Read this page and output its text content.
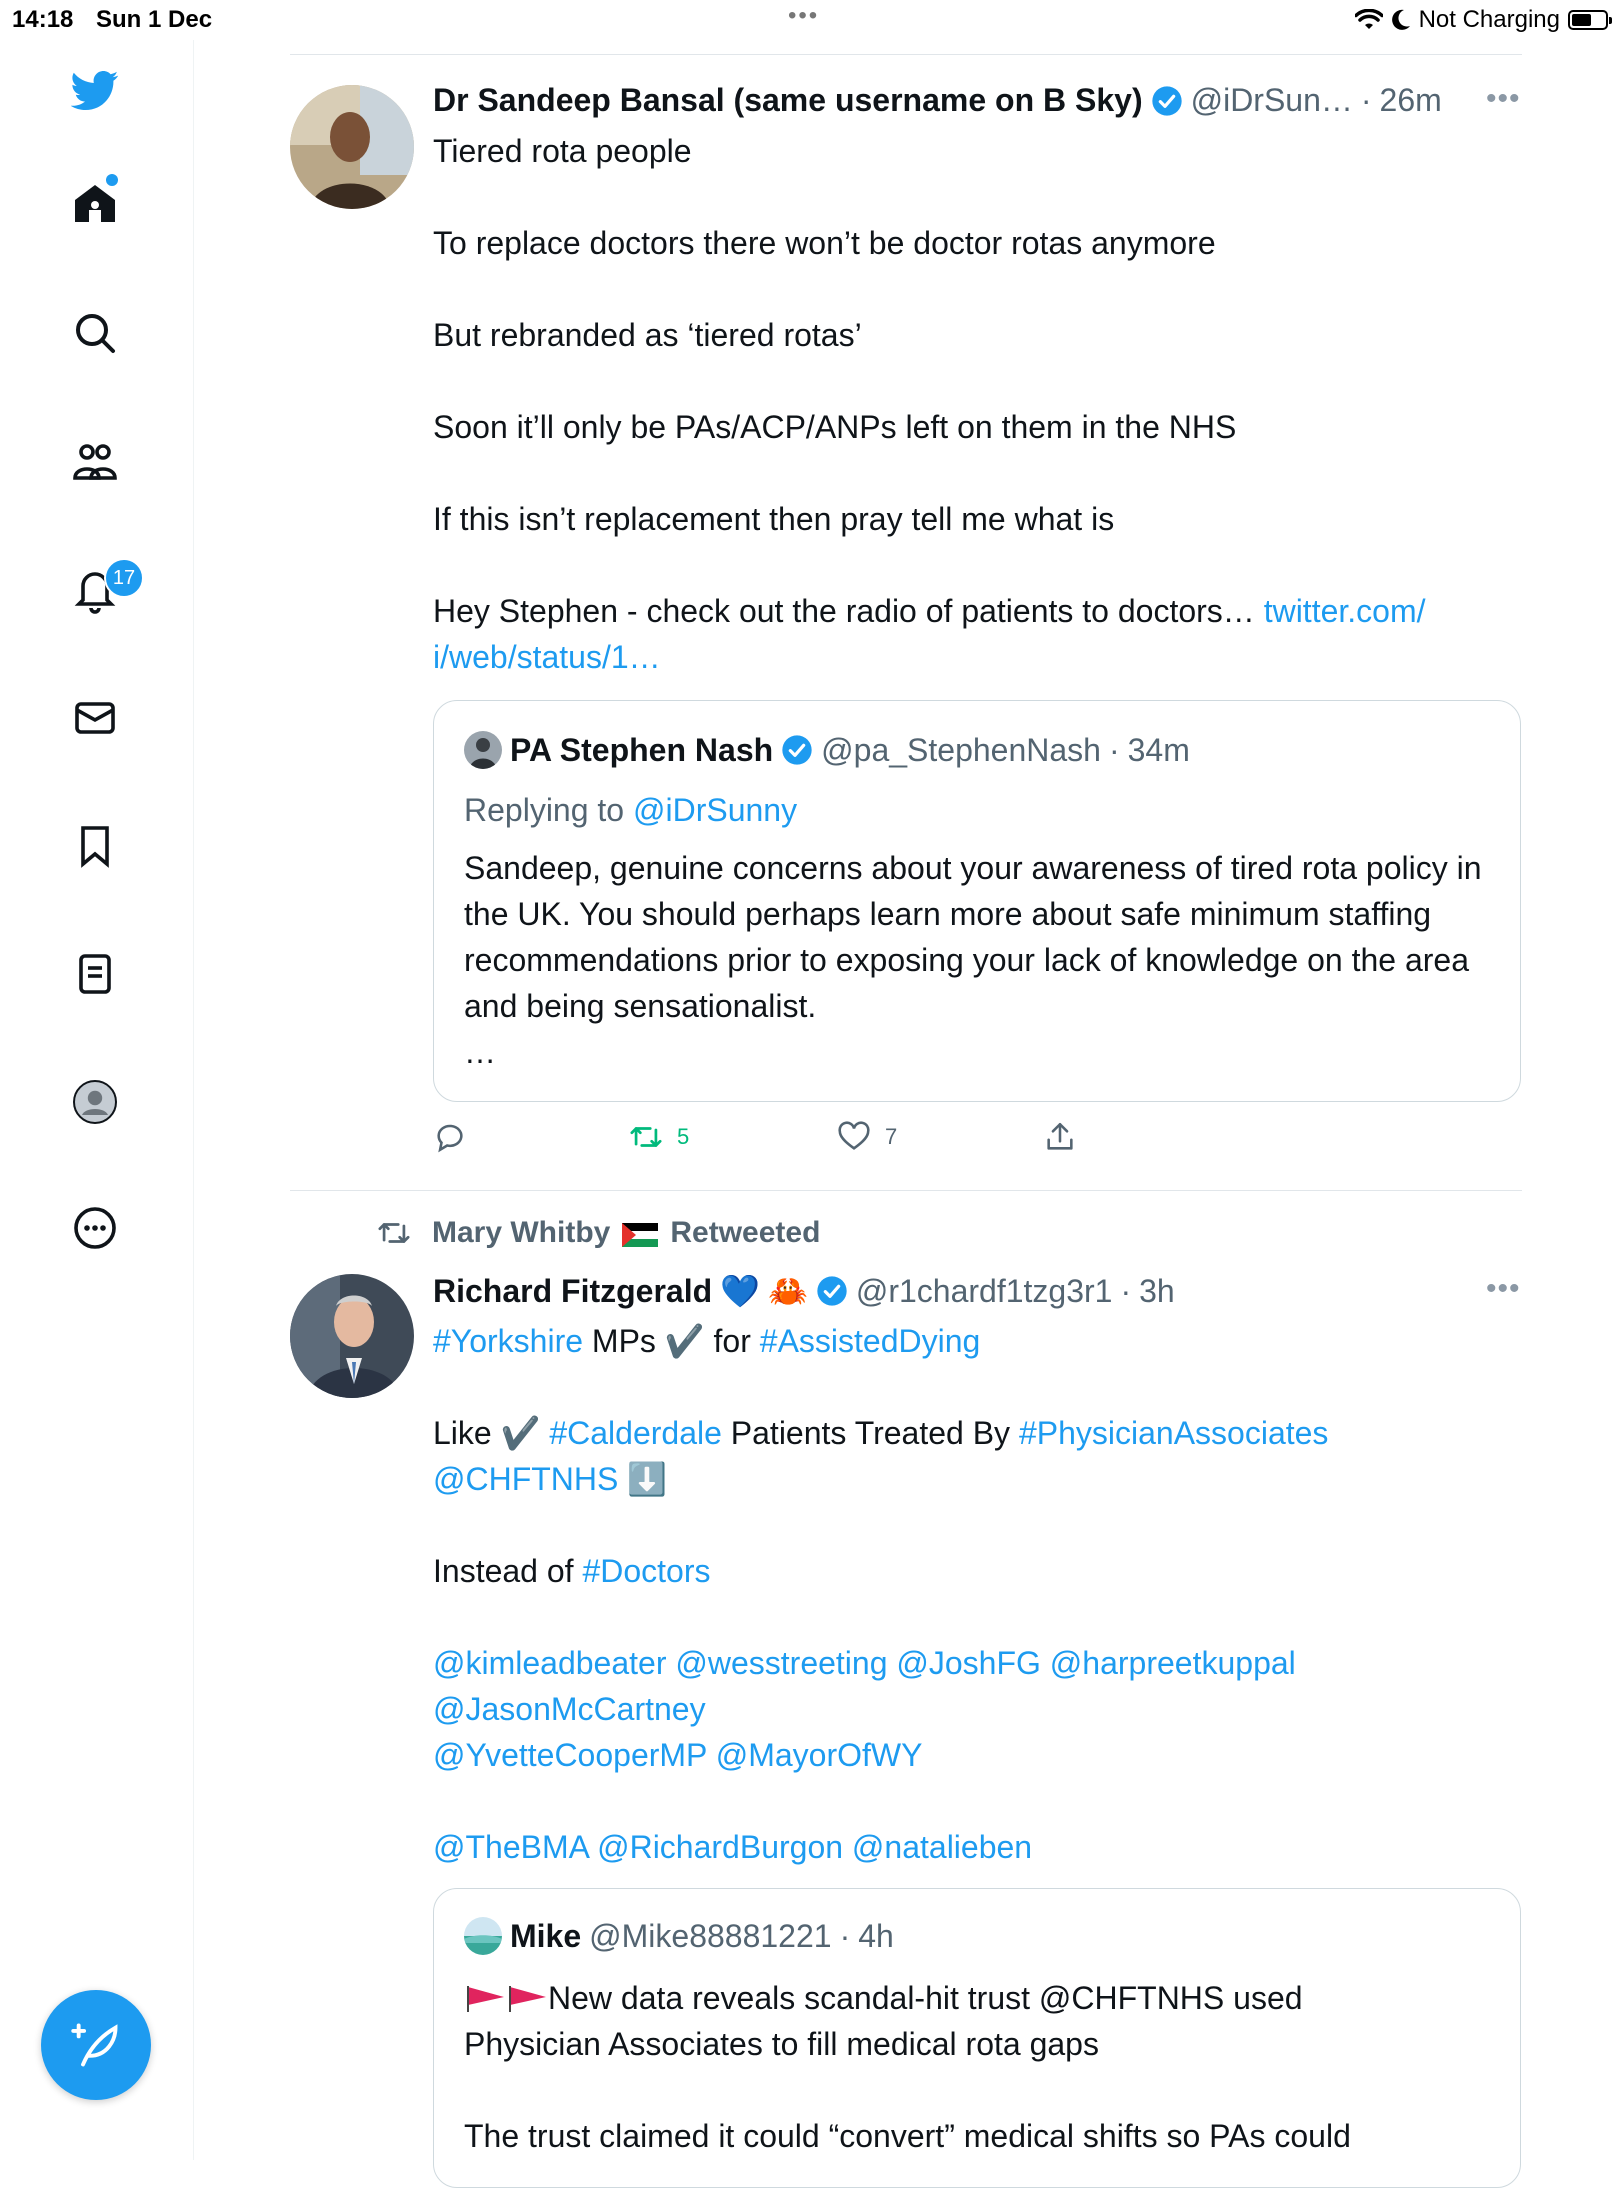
14:18 Sun 1 Dec	•••	Not Charging
17
Dr Sandeep Bansal (same username on B Sky) @iDrSun… · 26m •••

Tiered rota people

To replace doctors there won’t be doctor rotas anymore

But rebranded as ‘tiered rotas’

Soon it’ll only be PAs/ACP/ANPs left on them in the NHS

If this isn’t replacement then pray tell me what is

Hey Stephen - check out the radio of patients to doctors… twitter.com/

i/web/status/1…

PA Stephen Nash @pa_StephenNash · 34m
Replying to @iDrSunny

Sandeep, genuine concerns about your awareness of tired rota policy in the UK. You should perhaps learn more about safe minimum staffing recommendations prior to exposing your lack of knowledge on the area and being sensationalist.

…

5	7
Mary Whitby Retweeted
Richard Fitzgerald 💙 🦀 @r1chardf1tzg3r1 · 3h	•••

#Yorkshire MPs ✔️ for #AssistedDying

Like ✔️ #Calderdale Patients Treated By #PhysicianAssociates

@CHFTNHS ⬇️

Instead of #Doctors

@kimleadbeater @wesstreeting @JoshFG @harpreetkuppal

@JasonMcCartney

@YvetteCooperMP @MayorOfWY

@TheBMA @RichardBurgon @natalieben

Mike @Mike88881221 · 4h

New data reveals scandal-hit trust @CHFTNHS used

Physician Associates to fill medical rota gaps

The trust claimed it could “convert” medical shifts so PAs could
